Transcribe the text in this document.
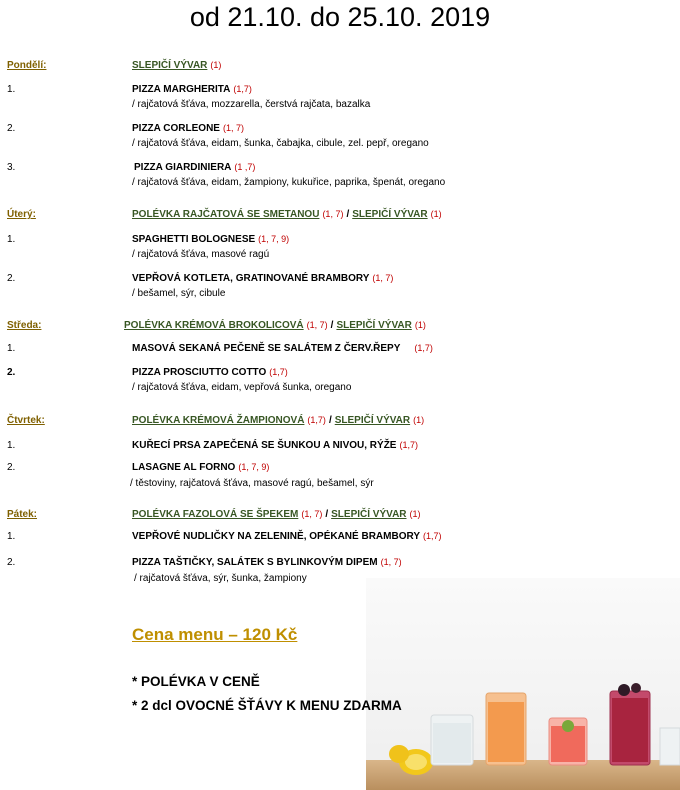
od 21.10. do 25.10. 2019
Pondělí:	SLEPIČÍ VÝVAR (1)
1.	PIZZA MARGHERITA (1,7)
/ rajčatová šťáva, mozzarella, čerstvá rajčata, bazalka
2.	PIZZA CORLEONE (1, 7)
/ rajčatová šťáva, eidam, šunka, čabajka, cibule, zel. pepř, oregano
3.	PIZZA GIARDINIERA (1 ,7)
/ rajčatová šťáva, eidam, žampiony, kukuřice, paprika, špenát, oregano
Úterý:	POLÉVKA RAJČATOVÁ SE SMETANOU (1, 7) / SLEPIČÍ VÝVAR (1)
1.	SPAGHETTI BOLOGNESE (1, 7, 9)
/ rajčatová šťáva, masové ragú
2.	VEPŘOVÁ KOTLETA, GRATINOVANÉ BRAMBORY (1, 7)
/ bešamel, sýr, cibule
Středa:	POLÉVKA KRÉMOVÁ BROKOLICOVÁ (1, 7) / SLEPIČÍ VÝVAR (1)
1.	MASOVÁ SEKANÁ PEČENĚ SE SALÁTEM Z ČERV.ŘEPY (1,7)
2.	PIZZA PROSCIUTTO COTTO (1,7)
/ rajčatová šťáva, eidam, vepřová šunka, oregano
Čtvrtek:	POLÉVKA KRÉMOVÁ ŽAMPIONOVÁ (1,7) / SLEPIČÍ VÝVAR (1)
1.	KUŘECÍ PRSA ZAPEČENÁ SE ŠUNKOU A NIVOU, RÝŽE (1,7)
2.	LASAGNE AL FORNO (1, 7, 9)
/ těstoviny, rajčatová šťáva, masové ragú, bešamel, sýr
Pátek:	POLÉVKA FAZOLOVÁ SE ŠPEKEM (1, 7) / SLEPIČÍ VÝVAR (1)
1.	VEPŘOVÉ NUDLIČKY NA ZELENINĚ, OPÉKANÉ BRAMBORY (1,7)
2.	PIZZA TAŠTIČKY, SALÁTEK S BYLINKOVÝM DIPEM (1, 7)
/ rajčatová šťáva, sýr, šunka, žampiony
Cena menu – 120 Kč
* POLÉVKA V CENĚ
* 2 dcl OVOCNÉ ŠŤÁVY K MENU ZDARMA
